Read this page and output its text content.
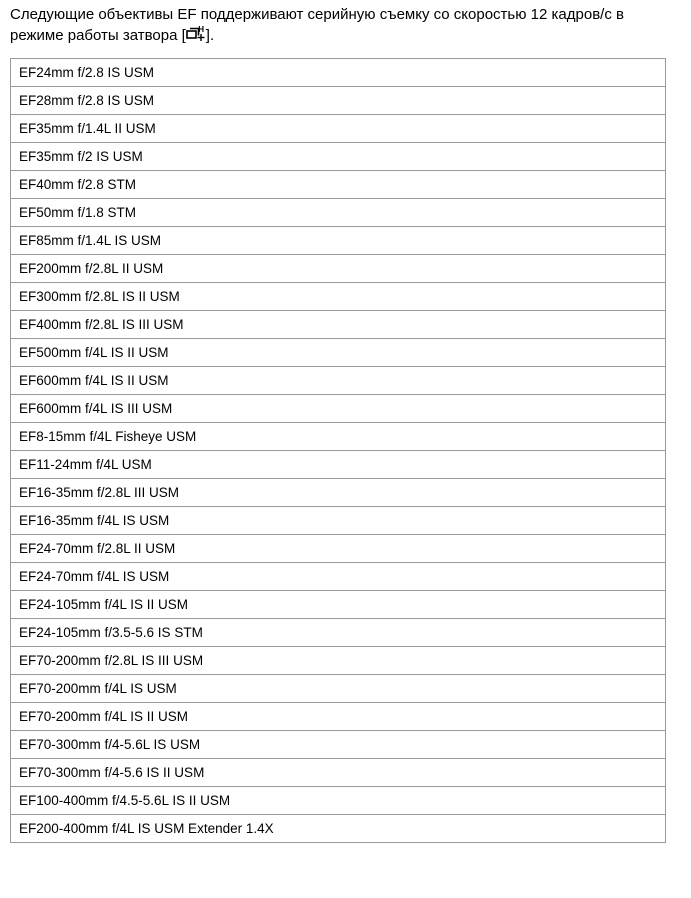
Следующие объективы EF поддерживают серийную съемку со скоростью 12 кадров/с в режиме работы затвора [ H ].

EF24mm f/2.8 IS USM
EF28mm f/2.8 IS USM
EF35mm f/1.4L II USM
EF35mm f/2 IS USM
EF40mm f/2.8 STM
EF50mm f/1.8 STM
EF85mm f/1.4L IS USM
EF200mm f/2.8L II USM
EF300mm f/2.8L IS II USM
EF400mm f/2.8L IS III USM
EF500mm f/4L IS II USM
EF600mm f/4L IS II USM
EF600mm f/4L IS III USM
EF8-15mm f/4L Fisheye USM
EF11-24mm f/4L USM
EF16-35mm f/2.8L III USM
EF16-35mm f/4L IS USM
EF24-70mm f/2.8L II USM
EF24-70mm f/4L IS USM
EF24-105mm f/4L IS II USM
EF24-105mm f/3.5-5.6 IS STM
EF70-200mm f/2.8L IS III USM
EF70-200mm f/4L IS USM
EF70-200mm f/4L IS II USM
EF70-300mm f/4-5.6L IS USM
EF70-300mm f/4-5.6 IS II USM
EF100-400mm f/4.5-5.6L IS II USM
EF200-400mm f/4L IS USM Extender 1.4X
